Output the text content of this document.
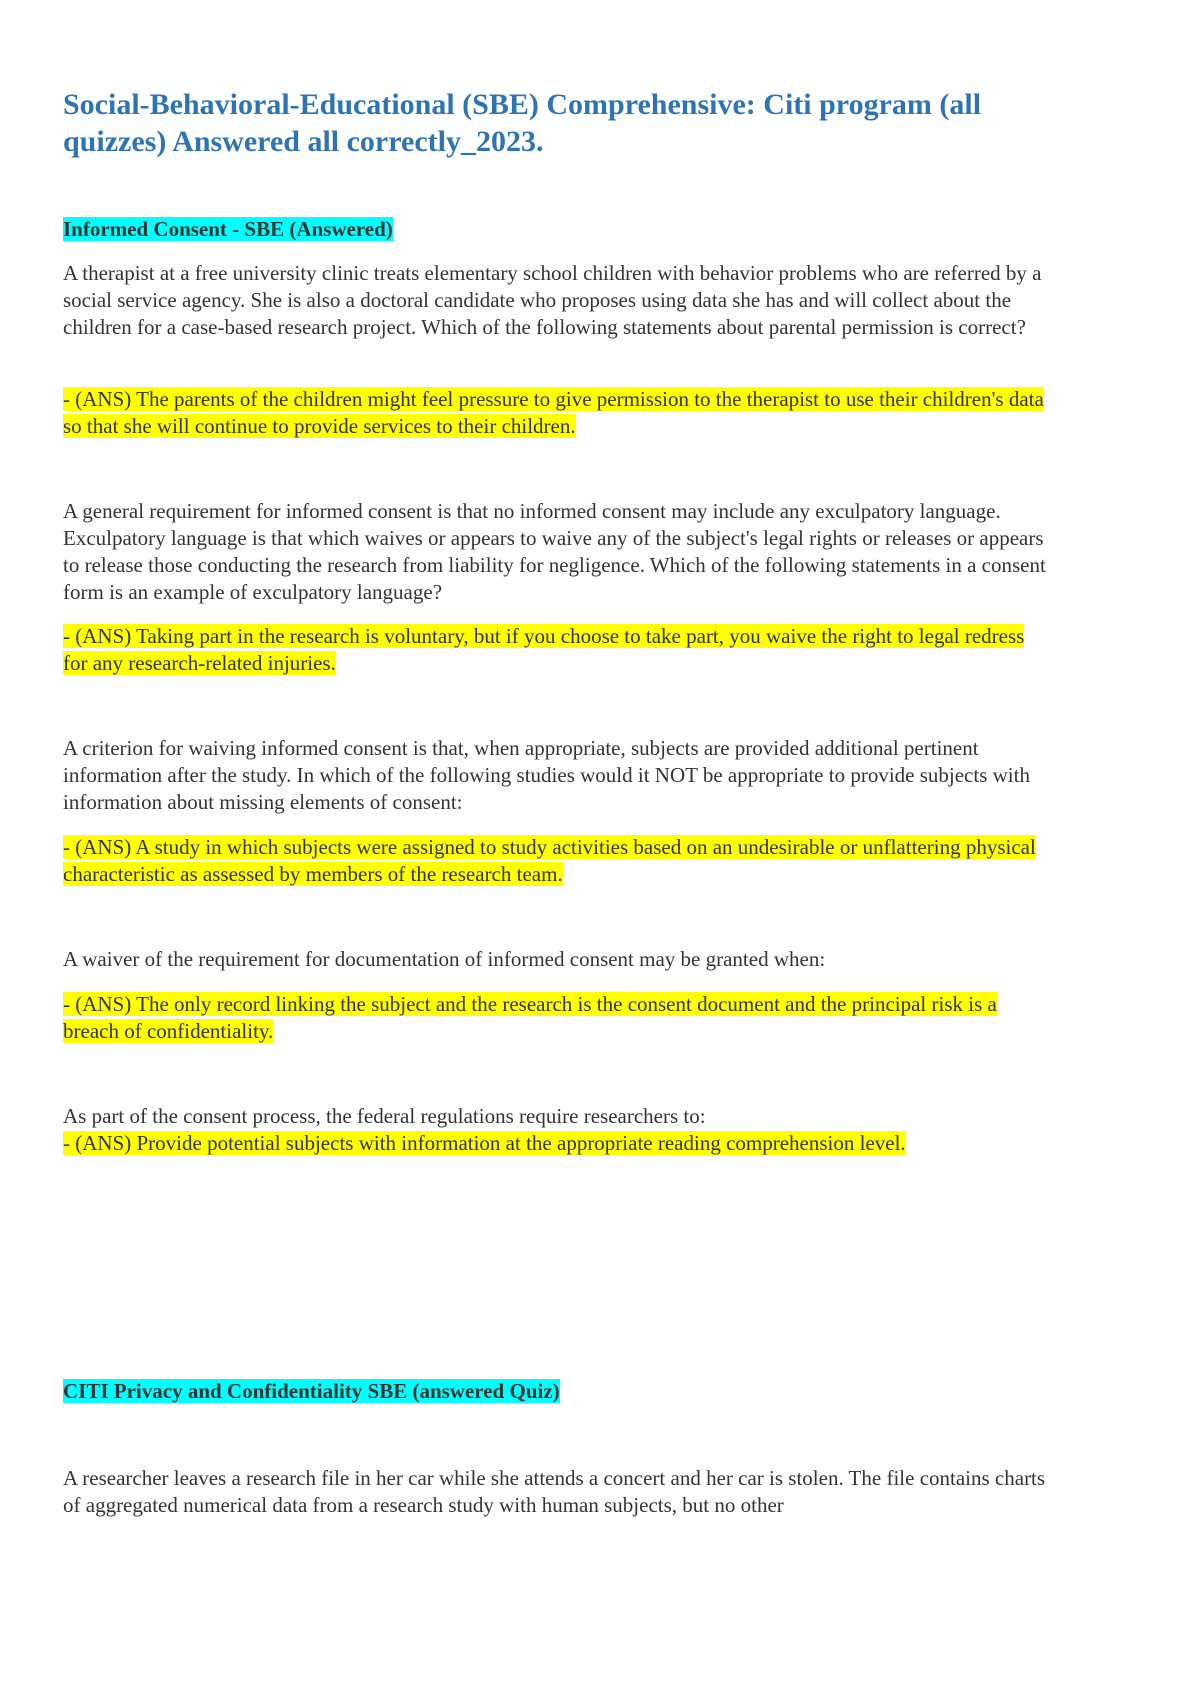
Social-Behavioral-Educational (SBE) Comprehensive: Citi program (all quizzes) Answered all correctly_2023.
Informed Consent - SBE (Answered)
A therapist at a free university clinic treats elementary school children with behavior problems who are referred by a social service agency. She is also a doctoral candidate who proposes using data she has and will collect about the children for a case-based research project. Which of the following statements about parental permission is correct?
- (ANS) The parents of the children might feel pressure to give permission to the therapist to use their children's data so that she will continue to provide services to their children.
A general requirement for informed consent is that no informed consent may include any exculpatory language. Exculpatory language is that which waives or appears to waive any of the subject's legal rights or releases or appears to release those conducting the research from liability for negligence. Which of the following statements in a consent form is an example of exculpatory language?
- (ANS) Taking part in the research is voluntary, but if you choose to take part, you waive the right to legal redress for any research-related injuries.
A criterion for waiving informed consent is that, when appropriate, subjects are provided additional pertinent information after the study. In which of the following studies would it NOT be appropriate to provide subjects with information about missing elements of consent:
- (ANS) A study in which subjects were assigned to study activities based on an undesirable or unflattering physical characteristic as assessed by members of the research team.
A waiver of the requirement for documentation of informed consent may be granted when:
- (ANS) The only record linking the subject and the research is the consent document and the principal risk is a breach of confidentiality.
As part of the consent process, the federal regulations require researchers to:
- (ANS) Provide potential subjects with information at the appropriate reading comprehension level.
CITI Privacy and Confidentiality SBE (answered Quiz)
A researcher leaves a research file in her car while she attends a concert and her car is stolen. The file contains charts of aggregated numerical data from a research study with human subjects, but no other
